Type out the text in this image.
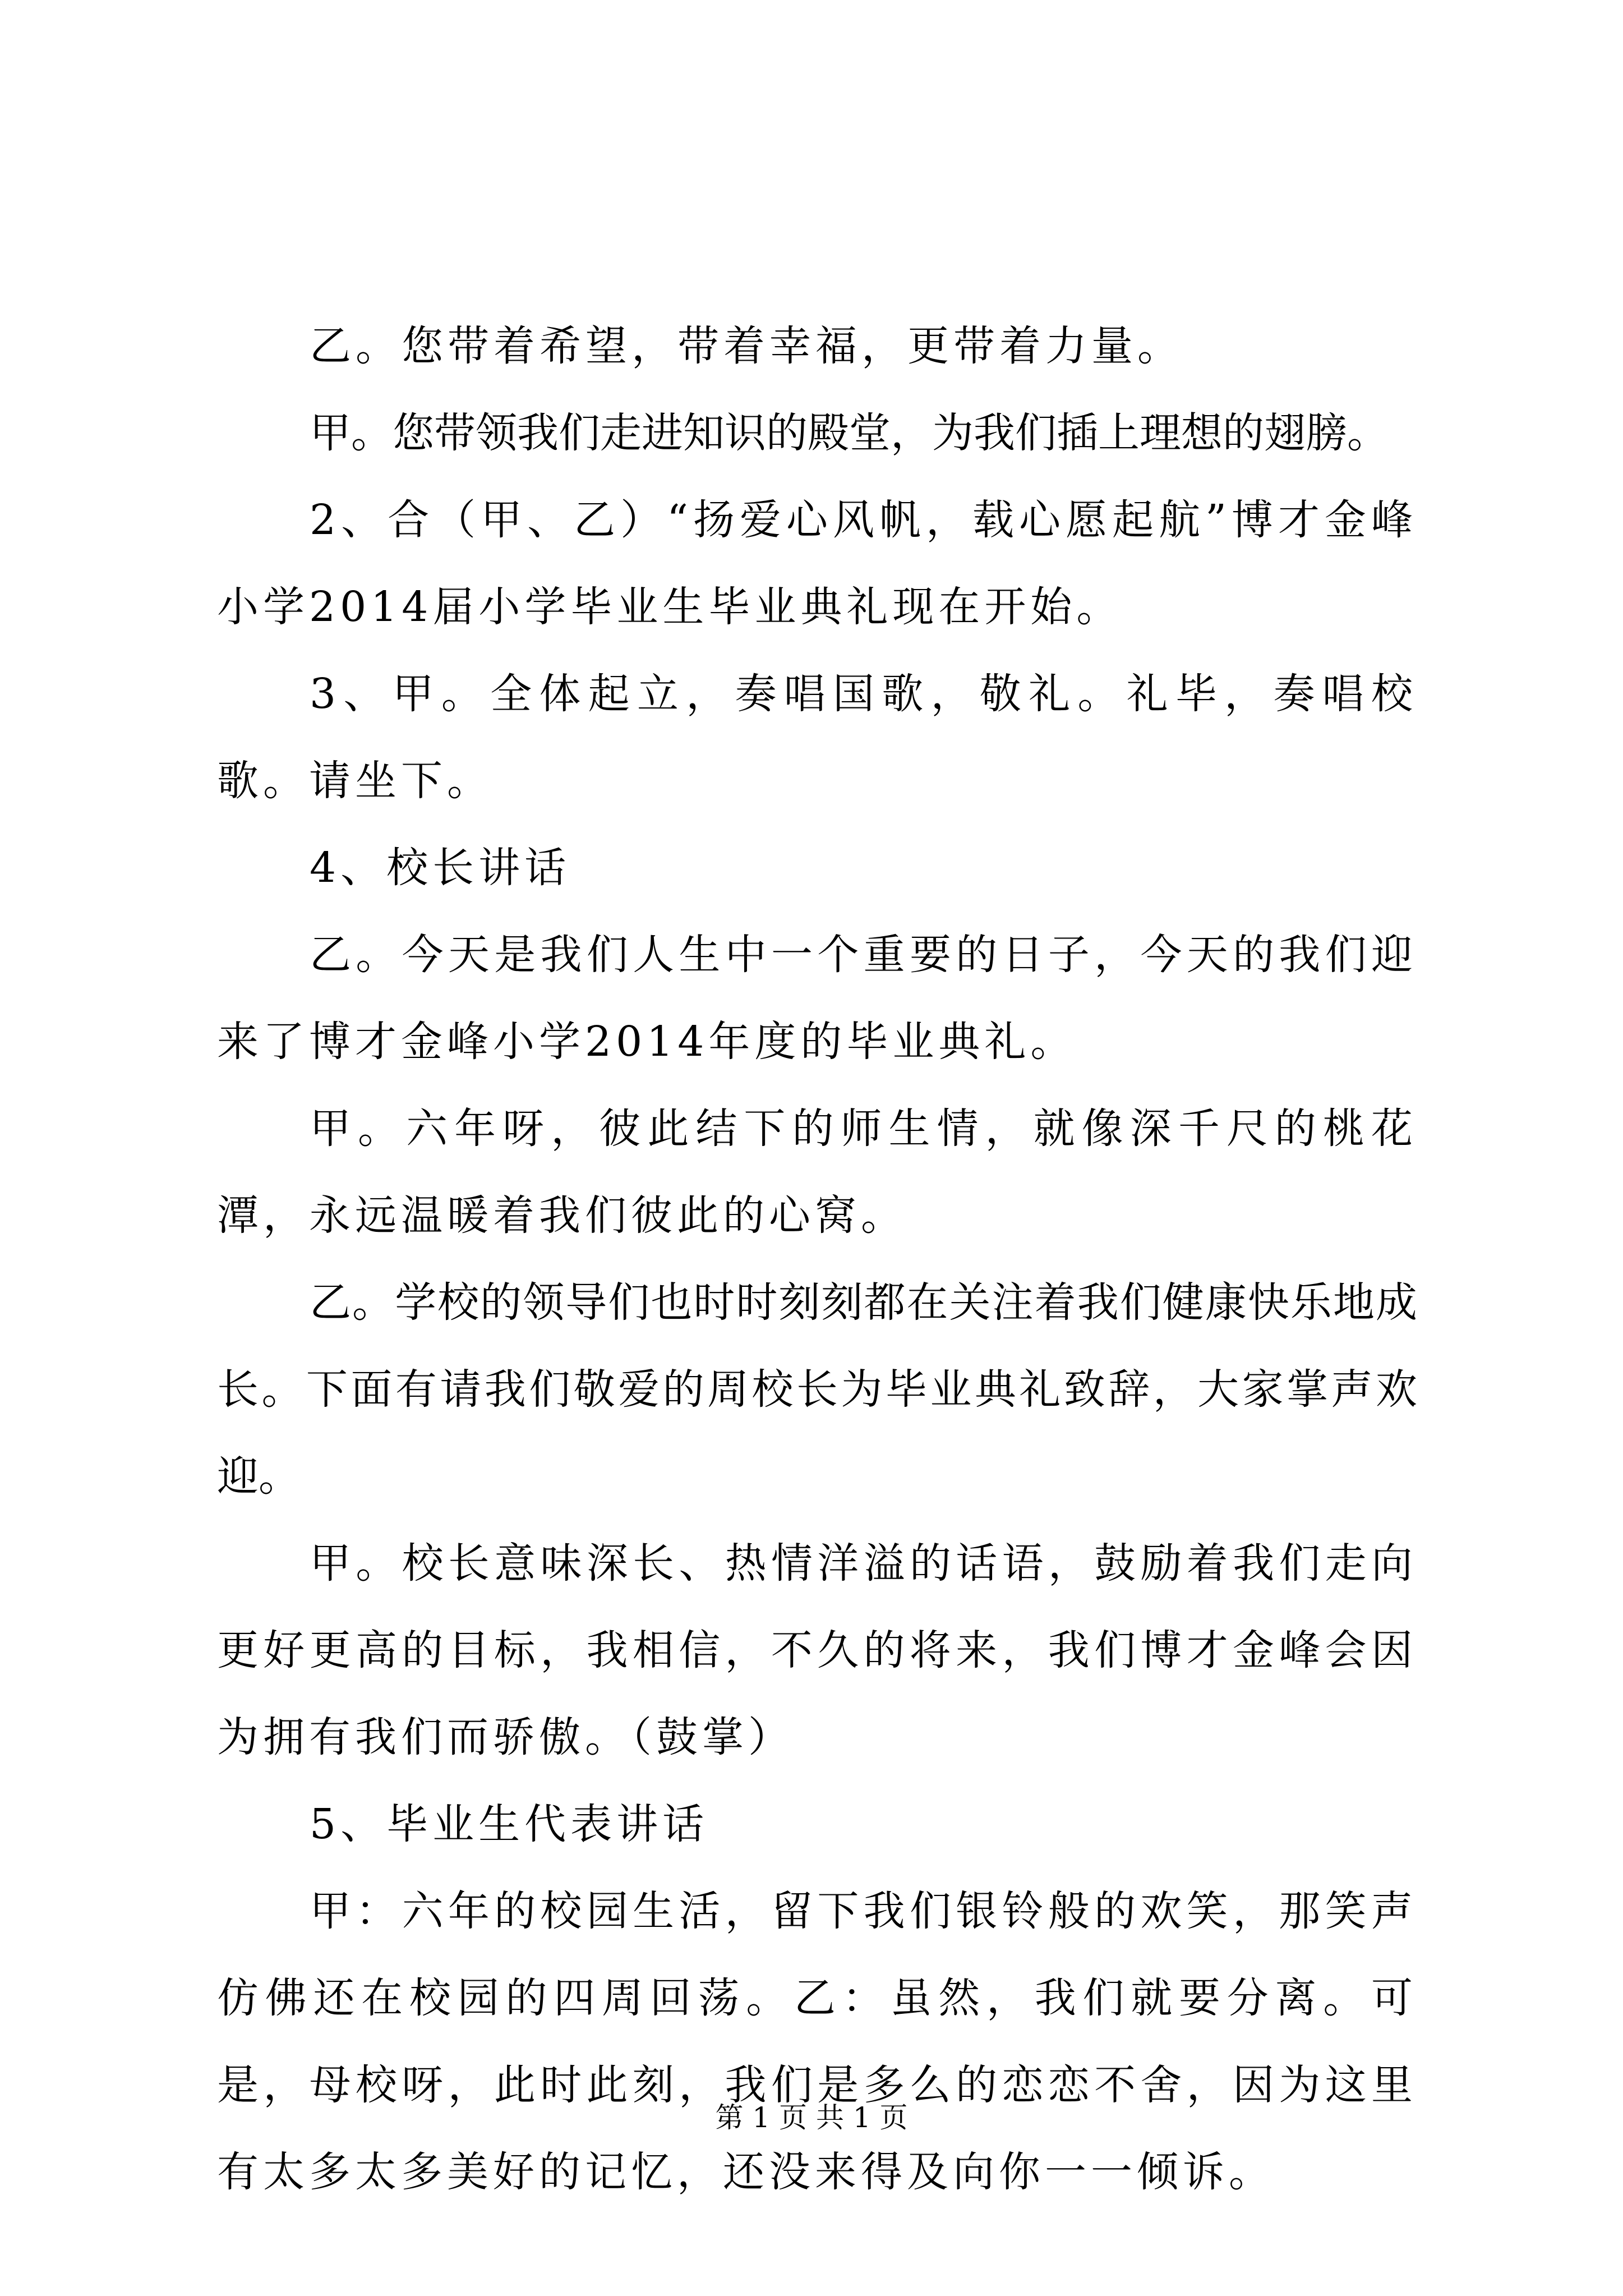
乙。您带着希望，带着幸福，更带着力量。

甲。您带领我们走进知识的殿堂，为我们插上理想的翅膀。

2、合（甲、乙）“扬爱心风帆，载心愿起航”博才金峰小学2014届小学毕业生毕业典礼现在开始。

3、甲。全体起立，奏唱国歌，敬礼。礼毕，奏唱校歌。请坐下。

4、校长讲话

乙。今天是我们人生中一个重要的日子，今天的我们迎来了博才金峰小学2014年度的毕业典礼。

甲。六年呀，彼此结下的师生情，就像深千尺的桃花潭，永远温暖着我们彼此的心窝。

乙。学校的领导们也时时刻刻都在关注着我们健康快乐地成长。下面有请我们敬爱的周校长为毕业典礼致辞，大家掌声欢迎。

甲。校长意味深长、热情洋溢的话语，鼓励着我们走向更好更高的目标，我相信，不久的将来，我们博才金峰会因为拥有我们而骄傲。（鼓掌）

5、毕业生代表讲话

甲：六年的校园生活，留下我们银铃般的欢笑，那笑声仿佛还在校园的四周回荡。乙：虽然，我们就要分离。可是，母校呀，此时此刻，我们是多么的恋恋不舍，因为这里有太多太多美好的记忆，还没来得及向你一一倾诉。

第 1 页 共 1 页
